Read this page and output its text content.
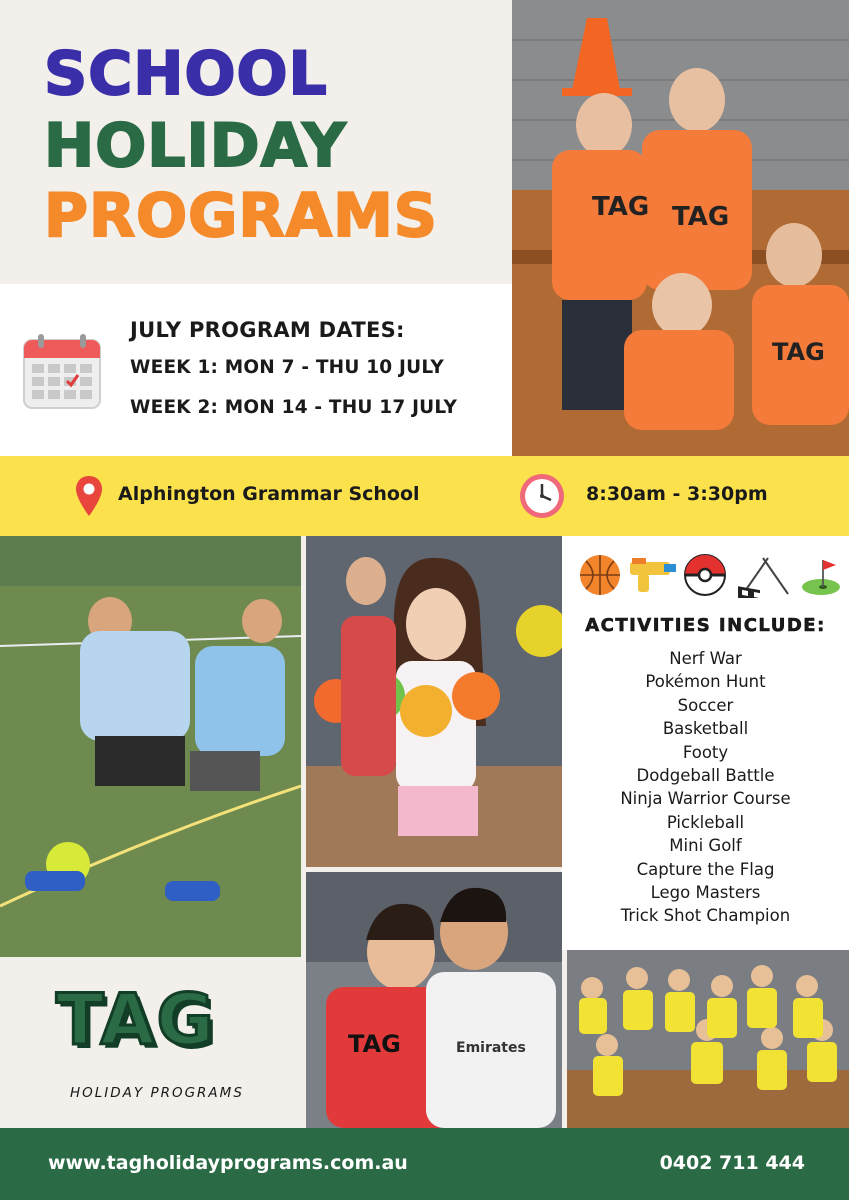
SCHOOL
HOLIDAY
PROGRAMS	TAG TAG
TAG
JULY PROGRAM DATES:
WEEK 1: MON 7 - THU 10 JULY
WEEK 2: MON 14 - THU 17 JULY
Alphington Grammar School	8:30am - 3:30pm
TAG	Emirates
ACTIVITIES INCLUDE:
Nerf War
Pokémon Hunt
Soccer
Basketball
Footy
Dodgeball Battle
Ninja Warrior Course
Pickleball
Mini Golf
Capture the Flag
Lego Masters
Trick Shot Champion
TAG
HOLIDAY PROGRAMS
www.tagholidayprograms.com.au	0402 711 444
